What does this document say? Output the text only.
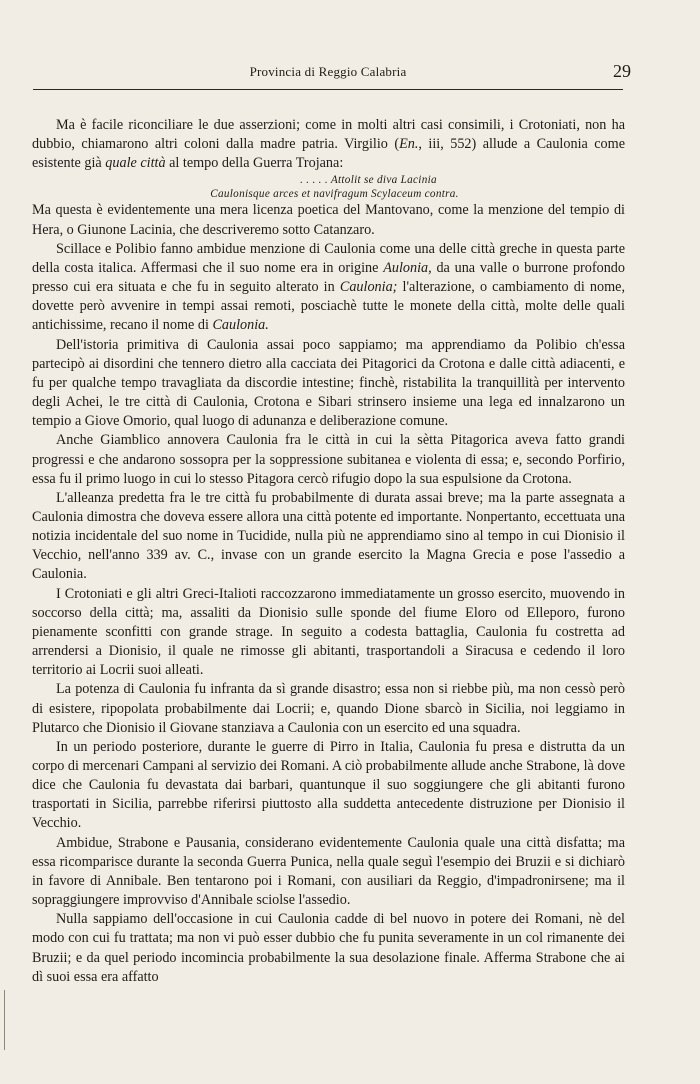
Provincia di Reggio Calabria	29

Ma è facile riconciliare le due asserzioni; come in molti altri casi consimili, i Crotoniati, non ha dubbio, chiamarono altri coloni dalla madre patria. Virgilio (En., iii, 552) allude a Caulonia come esistente già quale città al tempo della Guerra Trojana:

. . . . . Attolit se diva Lacinia
Caulonisque arces et navifragum Scylaceum contra.

Ma questa è evidentemente una mera licenza poetica del Mantovano, come la menzione del tempio di Hera, o Giunone Lacinia, che descriveremo sotto Catanzaro.

Scillace e Polibio fanno ambidue menzione di Caulonia come una delle città greche in questa parte della costa italica. Affermasi che il suo nome era in origine Aulonia, da una valle o burrone profondo presso cui era situata e che fu in seguito alterato in Caulonia; l'alterazione, o cambiamento di nome, dovette però avvenire in tempi assai remoti, posciachè tutte le monete della città, molte delle quali antichissime, recano il nome di Caulonia.

Dell'istoria primitiva di Caulonia assai poco sappiamo; ma apprendiamo da Polibio ch'essa partecipò ai disordini che tennero dietro alla cacciata dei Pitagorici da Crotona e dalle città adiacenti, e fu per qualche tempo travagliata da discordie intestine; finchè, ristabilita la tranquillità per intervento degli Achei, le tre città di Caulonia, Crotona e Sibari strinsero insieme una lega ed innalzarono un tempio a Giove Omorio, qual luogo di adunanza e deliberazione comune.

Anche Giamblico annovera Caulonia fra le città in cui la sètta Pitagorica aveva fatto grandi progressi e che andarono sossopra per la soppressione subitanea e violenta di essa; e, secondo Porfirio, essa fu il primo luogo in cui lo stesso Pitagora cercò rifugio dopo la sua espulsione da Crotona.

L'alleanza predetta fra le tre città fu probabilmente di durata assai breve; ma la parte assegnata a Caulonia dimostra che doveva essere allora una città potente ed importante. Nonpertanto, eccettuata una notizia incidentale del suo nome in Tucidide, nulla più ne apprendiamo sino al tempo in cui Dionisio il Vecchio, nell'anno 339 av. C., invase con un grande esercito la Magna Grecia e pose l'assedio a Caulonia.

I Crotoniati e gli altri Greci-Italioti raccozzarono immediatamente un grosso esercito, muovendo in soccorso della città; ma, assaliti da Dionisio sulle sponde del fiume Eloro od Elleporo, furono pienamente sconfitti con grande strage. In seguito a codesta battaglia, Caulonia fu costretta ad arrendersi a Dionisio, il quale ne rimosse gli abitanti, trasportandoli a Siracusa e cedendo il loro territorio ai Locrii suoi alleati.

La potenza di Caulonia fu infranta da sì grande disastro; essa non si riebbe più, ma non cessò però di esistere, ripopolata probabilmente dai Locrii; e, quando Dione sbarcò in Sicilia, noi leggiamo in Plutarco che Dionisio il Giovane stanziava a Caulonia con un esercito ed una squadra.

In un periodo posteriore, durante le guerre di Pirro in Italia, Caulonia fu presa e distrutta da un corpo di mercenari Campani al servizio dei Romani. A ciò probabilmente allude anche Strabone, là dove dice che Caulonia fu devastata dai barbari, quantunque il suo soggiungere che gli abitanti furono trasportati in Sicilia, parrebbe riferirsi piuttosto alla suddetta antecedente distruzione per Dionisio il Vecchio.

Ambidue, Strabone e Pausania, considerano evidentemente Caulonia quale una città disfatta; ma essa ricomparisce durante la seconda Guerra Punica, nella quale seguì l'esempio dei Bruzii e si dichiarò in favore di Annibale. Ben tentarono poi i Romani, con ausiliari da Reggio, d'impadronirsene; ma il sopraggiungere improvviso d'Annibale sciolse l'assedio.

Nulla sappiamo dell'occasione in cui Caulonia cadde di bel nuovo in potere dei Romani, nè del modo con cui fu trattata; ma non vi può esser dubbio che fu punita severamente in un col rimanente dei Bruzii; e da quel periodo incomincia probabilmente la sua desolazione finale. Afferma Strabone che ai dì suoi essa era affatto
